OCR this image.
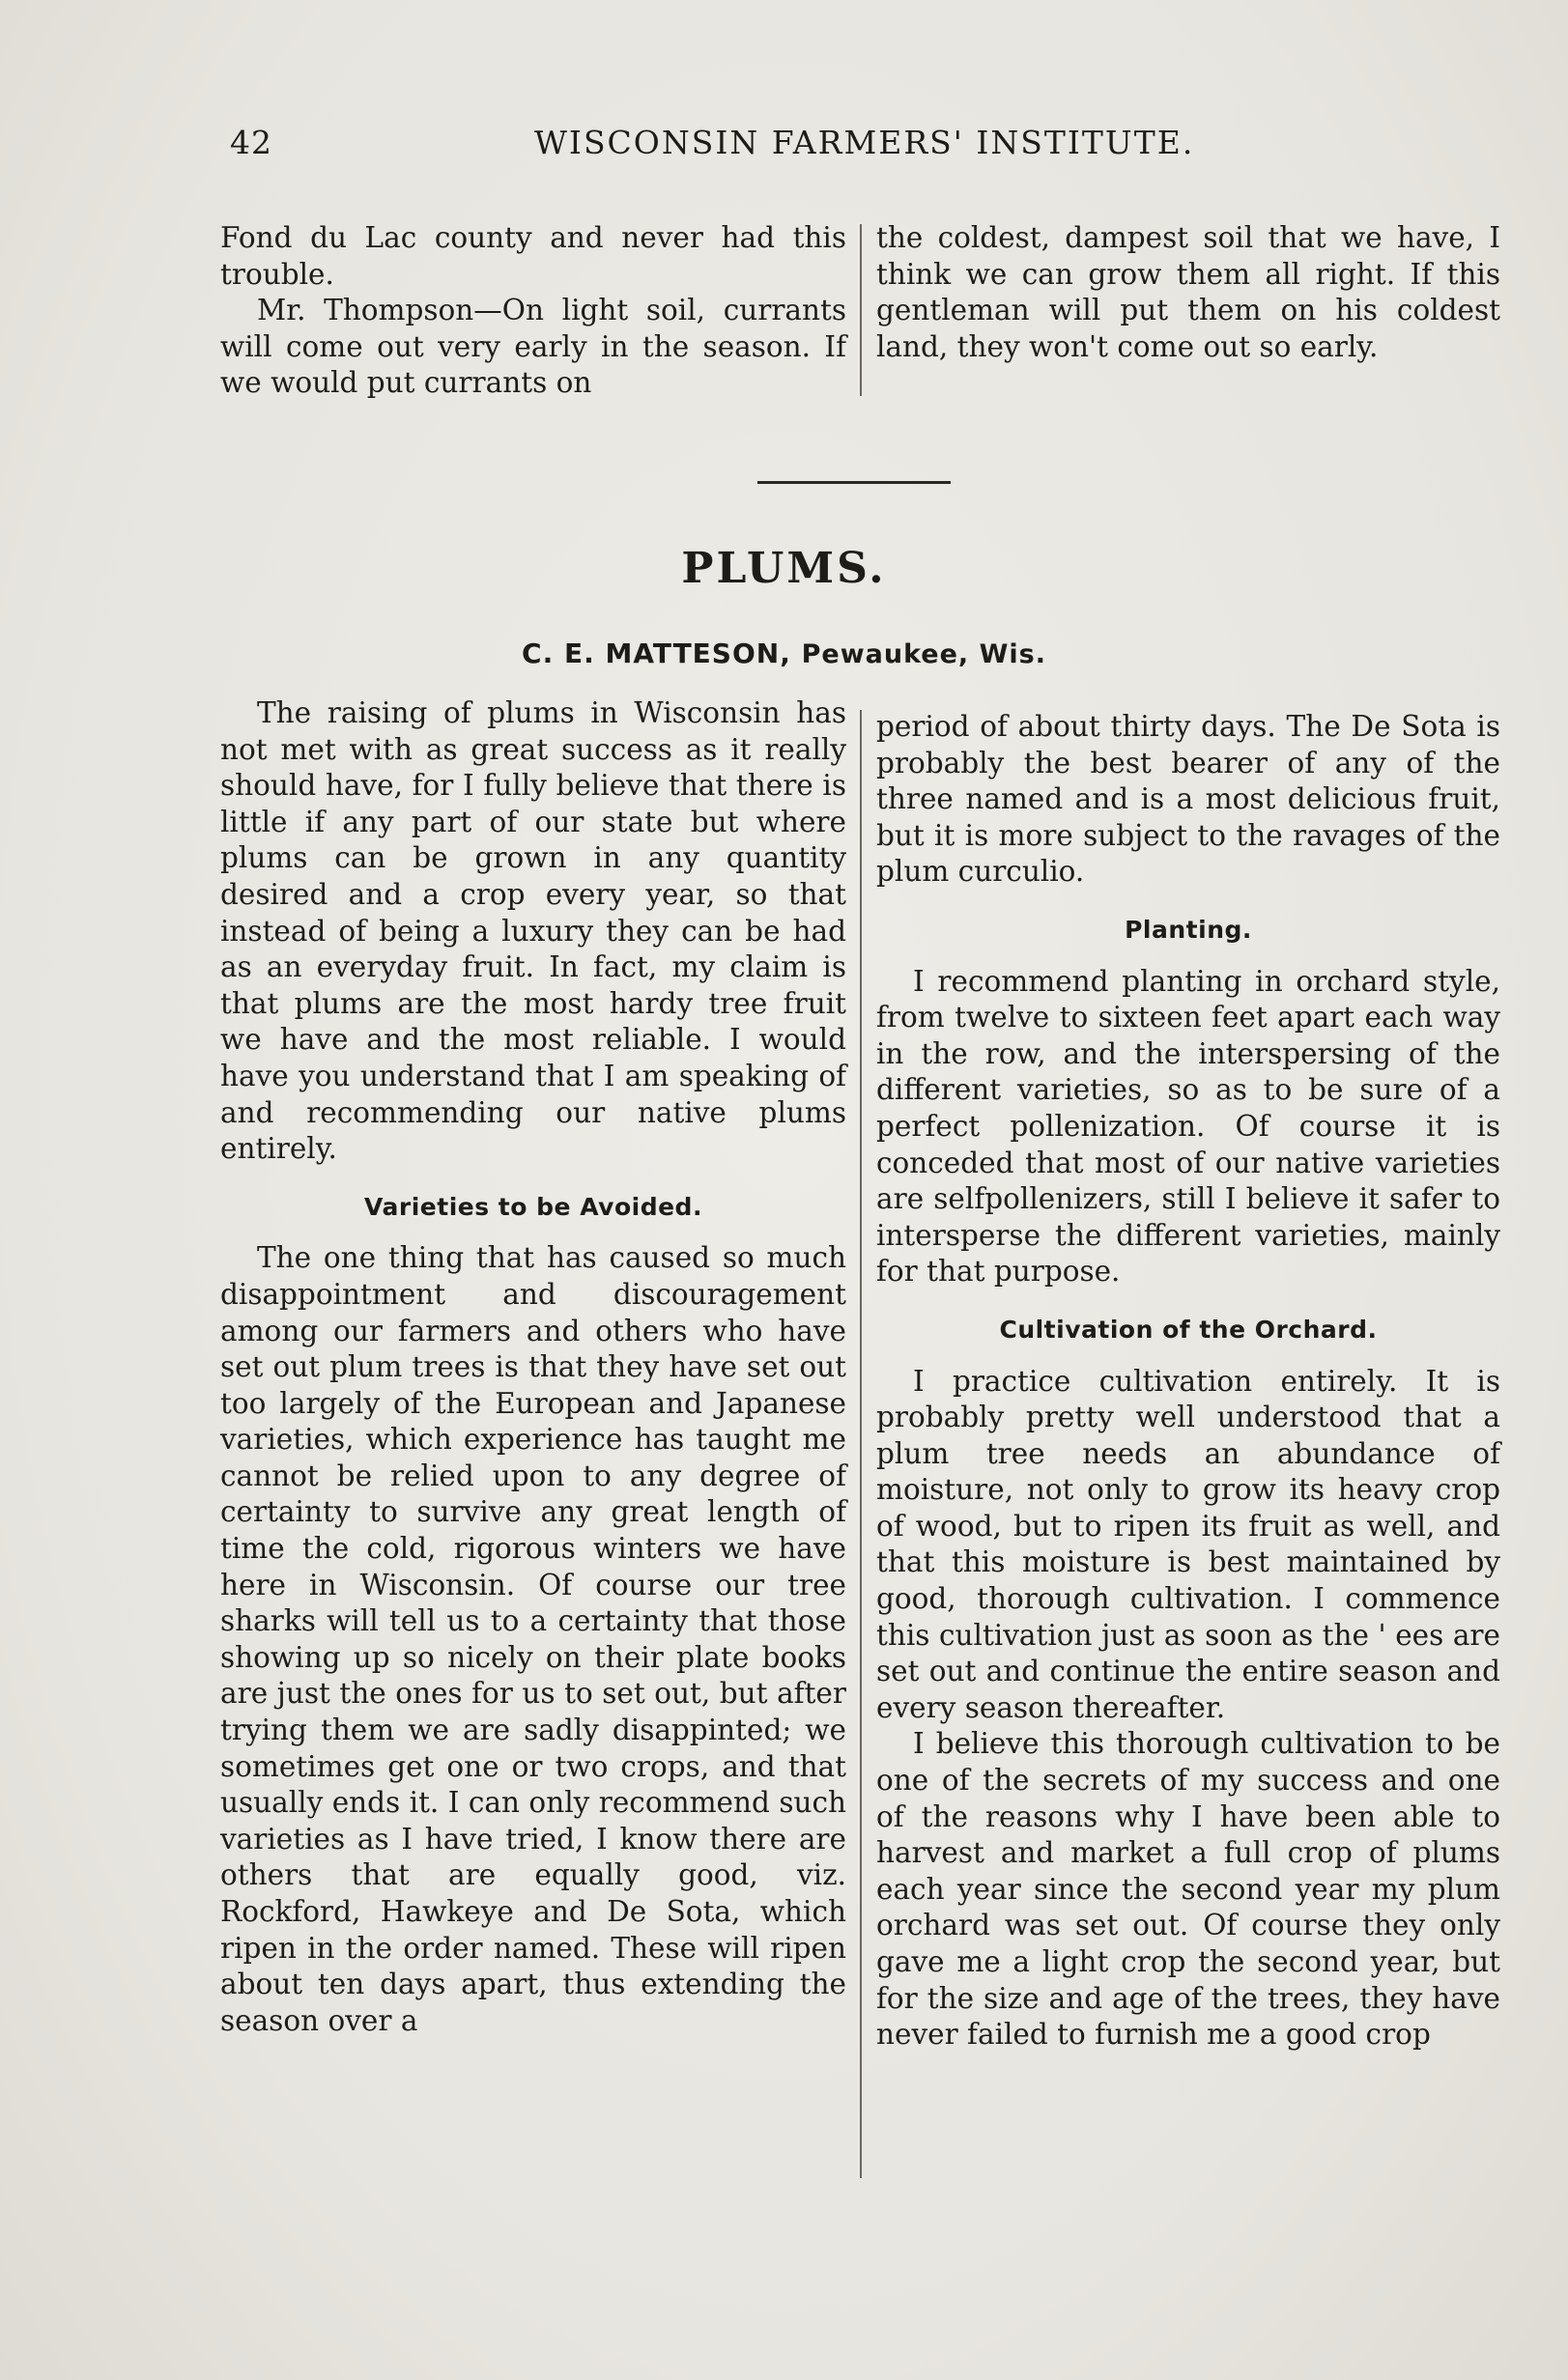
42	WISCONSIN FARMERS' INSTITUTE.

Fond du Lac county and never had this trouble.

Mr. Thompson—On light soil, currants will come out very early in the season. If we would put currants on

the coldest, dampest soil that we have, I think we can grow them all right. If this gentleman will put them on his coldest land, they won't come out so early.

PLUMS.
C. E. MATTESON, Pewaukee, Wis.

The raising of plums in Wisconsin has not met with as great success as it really should have, for I fully believe that there is little if any part of our state but where plums can be grown in any quantity desired and a crop every year, so that instead of being a luxury they can be had as an everyday fruit. In fact, my claim is that plums are the most hardy tree fruit we have and the most reliable. I would have you understand that I am speaking of and recommending our native plums entirely.

Varieties to be Avoided.

The one thing that has caused so much disappointment and discouragement among our farmers and others who have set out plum trees is that they have set out too largely of the European and Japanese varieties, which experience has taught me cannot be relied upon to any degree of certainty to survive any great length of time the cold, rigorous winters we have here in Wisconsin. Of course our tree sharks will tell us to a certainty that those showing up so nicely on their plate books are just the ones for us to set out, but after trying them we are sadly disappinted; we sometimes get one or two crops, and that usually ends it. I can only recommend such varieties as I have tried, I know there are others that are equally good, viz. Rockford, Hawkeye and De Sota, which ripen in the order named. These will ripen about ten days apart, thus extending the season over a

period of about thirty days. The De Sota is probably the best bearer of any of the three named and is a most delicious fruit, but it is more subject to the ravages of the plum curculio.

Planting.

I recommend planting in orchard style, from twelve to sixteen feet apart each way in the row, and the interspersing of the different varieties, so as to be sure of a perfect pollenization. Of course it is conceded that most of our native varieties are selfpollenizers, still I believe it safer to intersperse the different varieties, mainly for that purpose.

Cultivation of the Orchard.

I practice cultivation entirely. It is probably pretty well understood that a plum tree needs an abundance of moisture, not only to grow its heavy crop of wood, but to ripen its fruit as well, and that this moisture is best maintained by good, thorough cultivation. I commence this cultivation just as soon as the ' ees are set out and continue the entire season and every season thereafter.

I believe this thorough cultivation to be one of the secrets of my success and one of the reasons why I have been able to harvest and market a full crop of plums each year since the second year my plum orchard was set out. Of course they only gave me a light crop the second year, but for the size and age of the trees, they have never failed to furnish me a good crop
